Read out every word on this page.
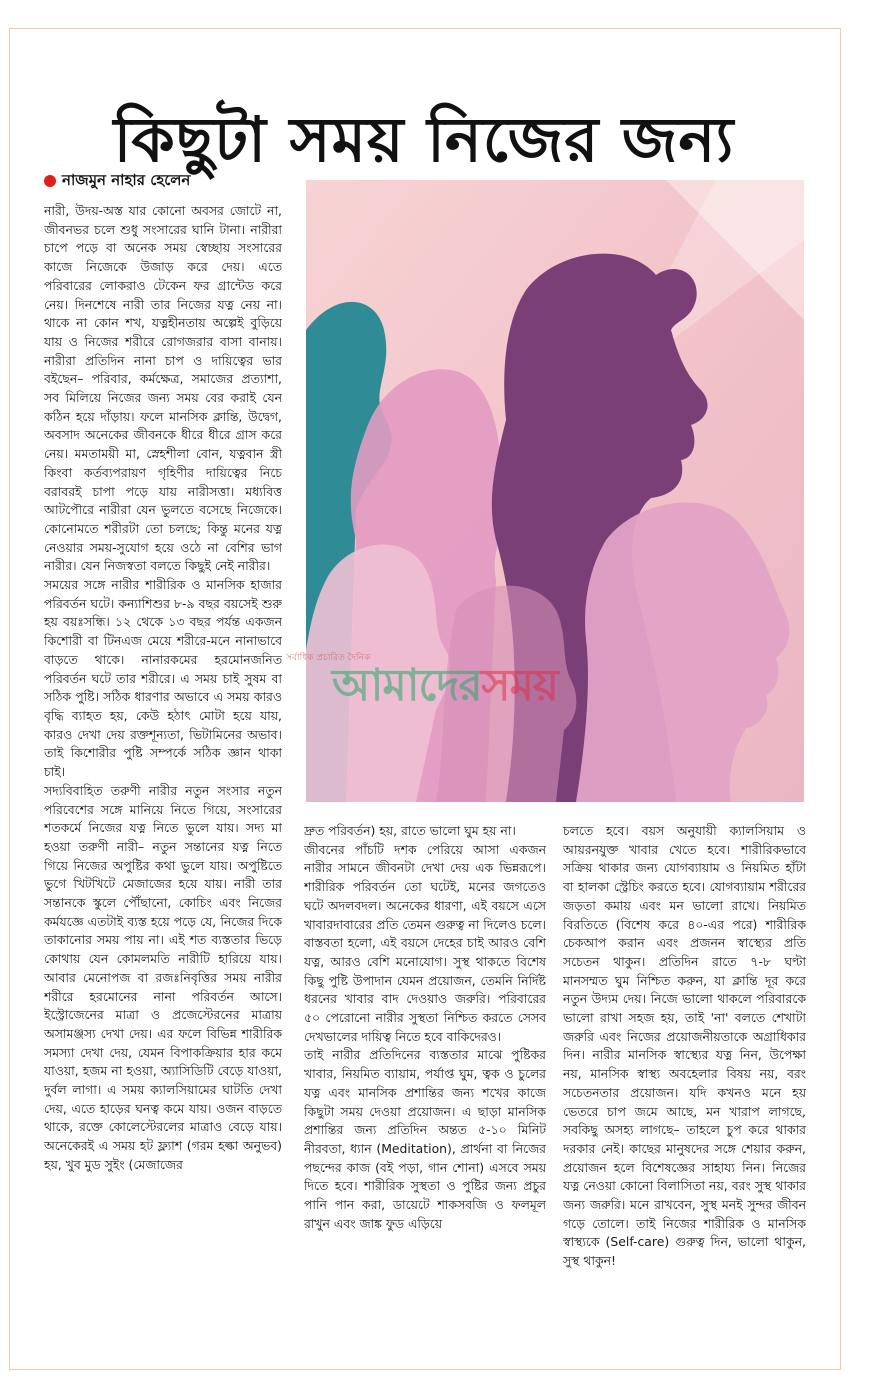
কিছুটা সময় নিজের জন্য
নাজমুন নাহার হেলেন

নারী, উদয়-অস্ত যার কোনো অবসর জোটে না, জীবনভর চলে শুধু সংসারের ঘানি টানা। নারীরা চাপে পড়ে বা অনেক সময় স্বেচ্ছায় সংসারের কাজে নিজেকে উজাড় করে দেয়। এতে পরিবারের লোকরাও টেকেন ফর গ্রান্টেড করে নেয়। দিনশেষে নারী তার নিজের যত্ন নেয় না। থাকে না কোন শখ, যত্নহীনতায় অল্পেই বুড়িয়ে যায় ও নিজের শরীরে রোগজরার বাসা বানায়। নারীরা প্রতিদিন নানা চাপ ও দায়িত্বের ভার বইছেন– পরিবার, কর্মক্ষেত্র, সমাজের প্রত্যাশা, সব মিলিয়ে নিজের জন্য সময় বের করাই যেন কঠিন হয়ে দাঁড়ায়। ফলে মানসিক ক্লান্তি, উদ্বেগ, অবসাদ অনেকের জীবনকে ধীরে ধীরে গ্রাস করে নেয়। মমতাময়ী মা, স্নেহশীলা বোন, যত্নবান স্ত্রী কিংবা কর্তব্যপরায়ণ গৃহিণীর দায়িত্বের নিচে বরাবরই চাপা পড়ে যায় নারীসত্তা। মধ্যবিত্ত আটপৌরে নারীরা যেন ভুলতে বসেছে নিজেকে। কোনোমতে শরীরটা তো চলছে; কিন্তু মনের যত্ন নেওয়ার সময়-সুযোগ হয়ে ওঠে না বেশির ভাগ নারীর। যেন নিজস্বতা বলতে কিছুই নেই নারীর।

সময়ের সঙ্গে নারীর শারীরিক ও মানসিক হাজার পরিবর্তন ঘটে। কন্যাশিশুর ৮-৯ বছর বয়সেই শুরু হয় বয়ঃসন্ধি। ১২ থেকে ১৩ বছর পর্যন্ত একজন কিশোরী বা টিনএজ মেয়ে শরীরে-মনে নানাভাবে বাড়তে থাকে। নানারকমের হরমোনজনিত পরিবর্তন ঘটে তার শরীরে। এ সময় চাই সুষম বা সঠিক পুষ্টি। সঠিক ধারণার অভাবে এ সময় কারও বৃদ্ধি ব্যাহত হয়, কেউ হঠাৎ মোটা হয়ে যায়, কারও দেখা দেয় রক্তশূন্যতা, ভিটামিনের অভাব। তাই কিশোরীর পুষ্টি সম্পর্কে সঠিক জ্ঞান থাকা চাই।

সদ্যবিবাহিত তরুণী নারীর নতুন সংসার নতুন পরিবেশের সঙ্গে মানিয়ে নিতে গিয়ে, সংসারের শতকর্মে নিজের যত্ন নিতে ভুলে যায়। সদ্য মা হওয়া তরুণী নারী– নতুন সন্তানের যত্ন নিতে গিয়ে নিজের অপুষ্টির কথা ভুলে যায়। অপুষ্টিতে ভুগে খিটখিটে মেজাজের হয়ে যায়। নারী তার সন্তানকে স্কুলে পৌঁছানো, কোচিং এবং নিজের কর্মযজ্ঞে এতটাই ব্যস্ত হয়ে পড়ে যে, নিজের দিকে তাকানোর সময় পায় না। এই শত ব্যস্ততার ভিড়ে কোথায় যেন কোমলমতি নারীটি হারিয়ে যায়। আবার মেনোপজ বা রজঃনিবৃত্তির সময় নারীর শরীরে হরমোনের নানা পরিবর্তন আসে। ইস্ট্রোজেনের মাত্রা ও প্রজেস্টেরনের মাত্রায় অসামঞ্জস্য দেখা দেয়। এর ফলে বিভিন্ন শারীরিক সমস্যা দেখা দেয়, যেমন বিপাকক্রিয়ার হার কমে যাওয়া, হজম না হওয়া, অ্যাসিডিটি বেড়ে যাওয়া, দুর্বল লাগা। এ সময় ক্যালসিয়ামের ঘাটতি দেখা দেয়, এতে হাড়ের ঘনত্ব কমে যায়। ওজন বাড়তে থাকে, রক্তে কোলেস্টেরলের মাত্রাও বেড়ে যায়। অনেকেরই এ সময় হট ফ্ল্যাশ (গরম হল্কা অনুভব) হয়, খুব মুড সুইং (মেজাজের

সর্বাধিক প্রচারিত দৈনিক
আমাদেরসময়

দ্রুত পরিবর্তন) হয়, রাতে ভালো ঘুম হয় না।

জীবনের পাঁচটি দশক পেরিয়ে আসা একজন নারীর সামনে জীবনটা দেখা দেয় এক ভিন্নরূপে। শারীরিক পরিবর্তন তো ঘটেই, মনের জগতেও ঘটে অদলবদল। অনেকের ধারণা, এই বয়সে এসে খাবারদাবারের প্রতি তেমন গুরুত্ব না দিলেও চলে। বাস্তবতা হলো, এই বয়সে দেহের চাই আরও বেশি যত্ন, আরও বেশি মনোযোগ। সুস্থ থাকতে বিশেষ কিছু পুষ্টি উপাদান যেমন প্রয়োজন, তেমনি নির্দিষ্ট ধরনের খাবার বাদ দেওয়াও জরুরি। পরিবারের ৫০ পেরোনো নারীর সুস্থতা নিশ্চিত করতে সেসব দেখভালের দায়িত্ব নিতে হবে বাকিদেরও।

তাই নারীর প্রতিদিনের ব্যস্ততার মাঝে পুষ্টিকর খাবার, নিয়মিত ব্যায়াম, পর্যাপ্ত ঘুম, ত্বক ও চুলের যত্ন এবং মানসিক প্রশান্তির জন্য শখের কাজে কিছুটা সময় দেওয়া প্রয়োজন। এ ছাড়া মানসিক প্রশান্তির জন্য প্রতিদিন অন্তত ৫-১০ মিনিট নীরবতা, ধ্যান (Meditation), প্রার্থনা বা নিজের পছন্দের কাজ (বই পড়া, গান শোনা) এসবে সময় দিতে হবে। শারীরিক সুস্থতা ও পুষ্টির জন্য প্রচুর পানি পান করা, ডায়েটে শাকসবজি ও ফলমূল রাখুন এবং জাঙ্ক ফুড এড়িয়ে

চলতে হবে। বয়স অনুযায়ী ক্যালসিয়াম ও আয়রনযুক্ত খাবার খেতে হবে। শারীরিকভাবে সক্রিয় থাকার জন্য যোগব্যায়াম ও নিয়মিত হাঁটা বা হালকা স্ট্রেচিং করতে হবে। যোগব্যায়াম শরীরের জড়তা কমায় এবং মন ভালো রাখে। নিয়মিত বিরতিতে (বিশেষ করে ৪০-এর পরে) শারীরিক চেকআপ করান এবং প্রজনন স্বাস্থ্যের প্রতি সচেতন থাকুন। প্রতিদিন রাতে ৭-৮ ঘণ্টা মানসম্মত ঘুম নিশ্চিত করুন, যা ক্লান্তি দূর করে নতুন উদ্যম দেয়। নিজে ভালো থাকলে পরিবারকে ভালো রাখা সহজ হয়, তাই 'না' বলতে শেখাটা জরুরি এবং নিজের প্রয়োজনীয়তাকে অগ্রাধিকার দিন। নারীর মানসিক স্বাস্থ্যের যত্ন নিন, উপেক্ষা নয়, মানসিক স্বাস্থ্য অবহেলার বিষয় নয়, বরং সচেতনতার প্রয়োজন। যদি কখনও মনে হয় ভেতরে চাপ জমে আছে, মন খারাপ লাগছে, সবকিছু অসহ্য লাগছে– তাহলে চুপ করে থাকার দরকার নেই। কাছের মানুষদের সঙ্গে শেয়ার করুন, প্রয়োজন হলে বিশেষজ্ঞের সাহায্য নিন। নিজের যত্ন নেওয়া কোনো বিলাসিতা নয়, বরং সুস্থ থাকার জন্য জরুরি। মনে রাখবেন, সুস্থ মনই সুন্দর জীবন গড়ে তোলে। তাই নিজের শারীরিক ও মানসিক স্বাস্থ্যকে (Self-care) গুরুত্ব দিন, ভালো থাকুন, সুস্থ থাকুন!
